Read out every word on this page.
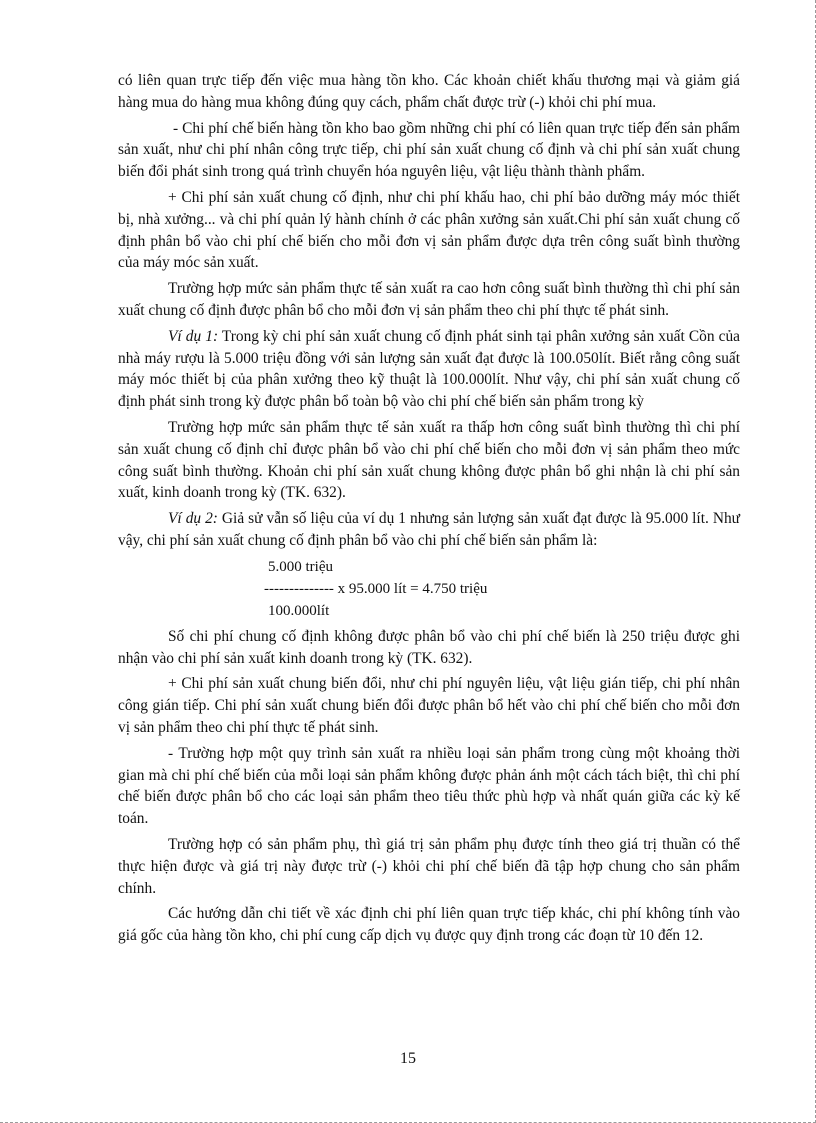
có liên quan trực tiếp đến việc mua hàng tồn kho. Các khoản chiết khấu thương mại và giảm giá hàng mua do hàng mua không đúng quy cách, phẩm chất được trừ (-) khỏi chi phí mua.

- Chi phí chế biến hàng tồn kho bao gồm những chi phí có liên quan trực tiếp đến sản phẩm sản xuất, như chi phí nhân công trực tiếp, chi phí sản xuất chung cố định và chi phí sản xuất chung biến đổi phát sinh trong quá trình chuyển hóa nguyên liệu, vật liệu thành thành phẩm.

+ Chi phí sản xuất chung cố định, như chi phí khấu hao, chi phí bảo dưỡng máy móc thiết bị, nhà xưởng... và chi phí quản lý hành chính ở các phân xưởng sản xuất.Chi phí sản xuất chung cố định phân bổ vào chi phí chế biến cho mỗi đơn vị sản phẩm được dựa trên công suất bình thường của máy móc sản xuất.

Trường hợp mức sản phẩm thực tế sản xuất ra cao hơn công suất bình thường thì chi phí sản xuất chung cố định được phân bổ cho mỗi đơn vị sản phẩm theo chi phí thực tế phát sinh.

Ví dụ 1: Trong kỳ chi phí sản xuất chung cố định phát sinh tại phân xưởng sản xuất Cồn của nhà máy rượu là 5.000 triệu đồng với sản lượng sản xuất đạt được là 100.050lít. Biết rằng công suất máy móc thiết bị của phân xưởng theo kỹ thuật là 100.000lít. Như vậy, chi phí sản xuất chung cố định phát sinh trong kỳ được phân bổ toàn bộ vào chi phí chế biến sản phẩm trong kỳ

Trường hợp mức sản phẩm thực tế sản xuất ra thấp hơn công suất bình thường thì chi phí sản xuất chung cố định chỉ được phân bổ vào chi phí chế biến cho mỗi đơn vị sản phẩm theo mức công suất bình thường. Khoản chi phí sản xuất chung không được phân bổ ghi nhận là chi phí sản xuất, kinh doanh trong kỳ (TK. 632).

Ví dụ 2: Giả sử vẫn số liệu của ví dụ 1 nhưng sản lượng sản xuất đạt được là 95.000 lít. Như vậy, chi phí sản xuất chung cố định phân bổ vào chi phí chế biến sản phẩm là:

5.000 triệu
-------------- x 95.000 lít = 4.750 triệu
100.000lít

Số chi phí chung cố định không được phân bổ vào chi phí chế biến là 250 triệu được ghi nhận vào chi phí sản xuất kinh doanh trong kỳ (TK. 632).

+ Chi phí sản xuất chung biến đổi, như chi phí nguyên liệu, vật liệu gián tiếp, chi phí nhân công gián tiếp. Chi phí sản xuất chung biến đổi được phân bổ hết vào chi phí chế biến cho mỗi đơn vị sản phẩm theo chi phí thực tế phát sinh.

- Trường hợp một quy trình sản xuất ra nhiều loại sản phẩm trong cùng một khoảng thời gian mà chi phí chế biến của mỗi loại sản phẩm không được phản ánh một cách tách biệt, thì chi phí chế biến được phân bổ cho các loại sản phẩm theo tiêu thức phù hợp và nhất quán giữa các kỳ kế toán.

Trường hợp có sản phẩm phụ, thì giá trị sản phẩm phụ được tính theo giá trị thuần có thể thực hiện được và giá trị này được trừ (-) khỏi chi phí chế biến đã tập hợp chung cho sản phẩm chính.

Các hướng dẫn chi tiết về xác định chi phí liên quan trực tiếp khác, chi phí không tính vào giá gốc của hàng tồn kho, chi phí cung cấp dịch vụ được quy định trong các đoạn từ 10 đến 12.

15
